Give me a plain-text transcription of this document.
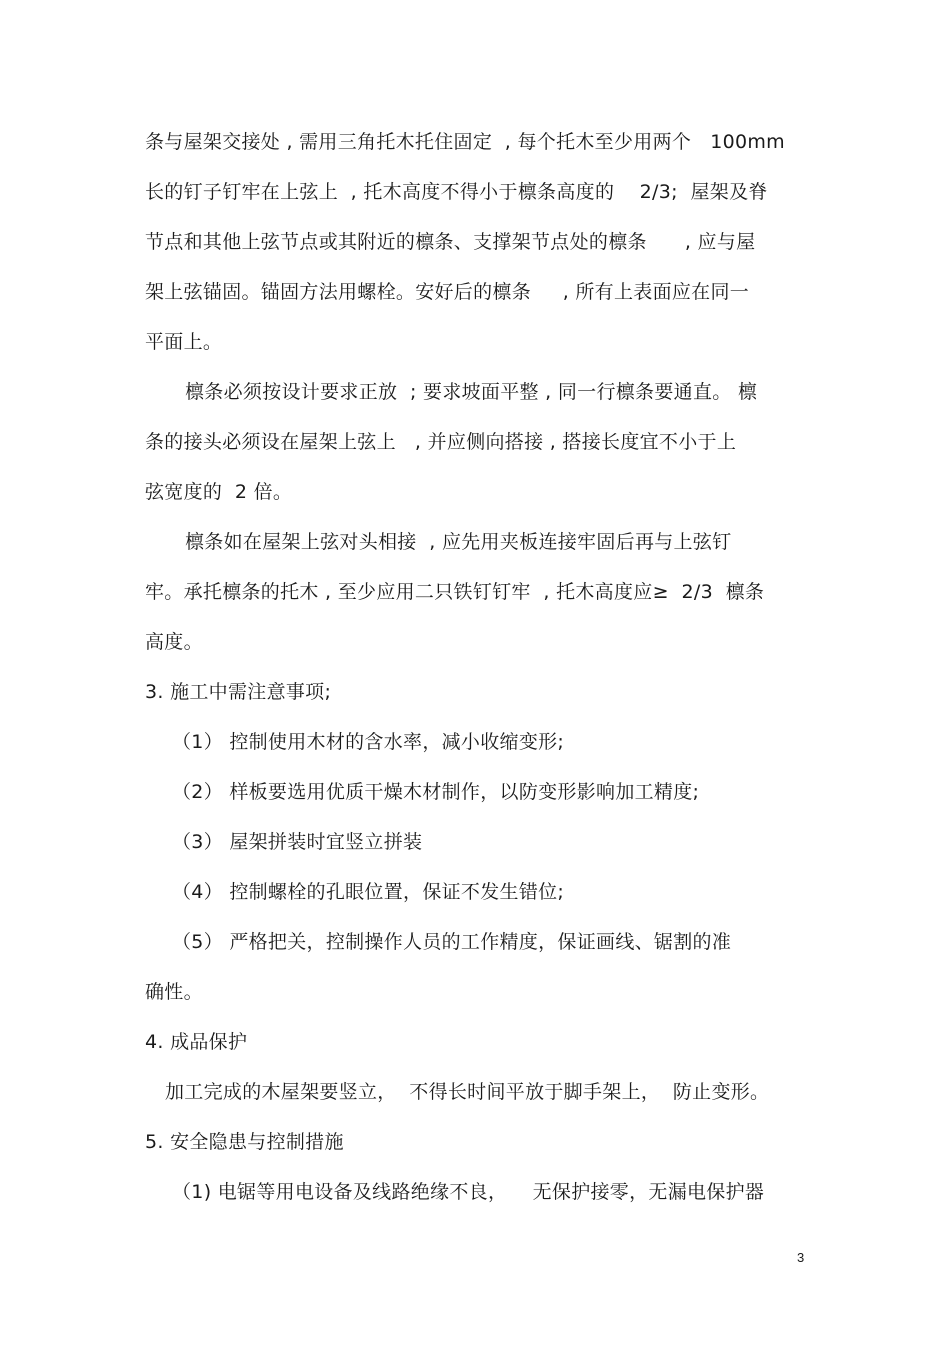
条与屋架交接处 , 需用三角托木托住固定  , 每个托木至少用两个   100mm
长的钉子钉牢在上弦上  , 托木高度不得小于檩条高度的    2/3;  屋架及脊
节点和其他上弦节点或其附近的檩条、支撑架节点处的檩条      , 应与屋
架上弦锚固。锚固方法用螺栓。安好后的檩条     , 所有上表面应在同一
平面上。
檩条必须按设计要求正放  ; 要求坡面平整 , 同一行檩条要通直。 檩
条的接头必须设在屋架上弦上   , 并应侧向搭接 , 搭接长度宜不小于上
弦宽度的  2 倍。
檩条如在屋架上弦对头相接  , 应先用夹板连接牢固后再与上弦钉
牢。承托檩条的托木 , 至少应用二只铁钉钉牢  , 托木高度应≥  2/3  檩条
高度。
3. 施工中需注意事项;
（1） 控制使用木材的含水率，减小收缩变形;
（2） 样板要选用优质干燥木材制作，以防变形影响加工精度;
（3） 屋架拼装时宜竖立拼装
（4） 控制螺栓的孔眼位置，保证不发生错位;
（5） 严格把关，控制操作人员的工作精度，保证画线、锯割的准
确性。
4. 成品保护
加工完成的木屋架要竖立，  不得长时间平放于脚手架上，  防止变形。
5. 安全隐患与控制措施
（1) 电锯等用电设备及线路绝缘不良，    无保护接零，无漏电保护器
3
